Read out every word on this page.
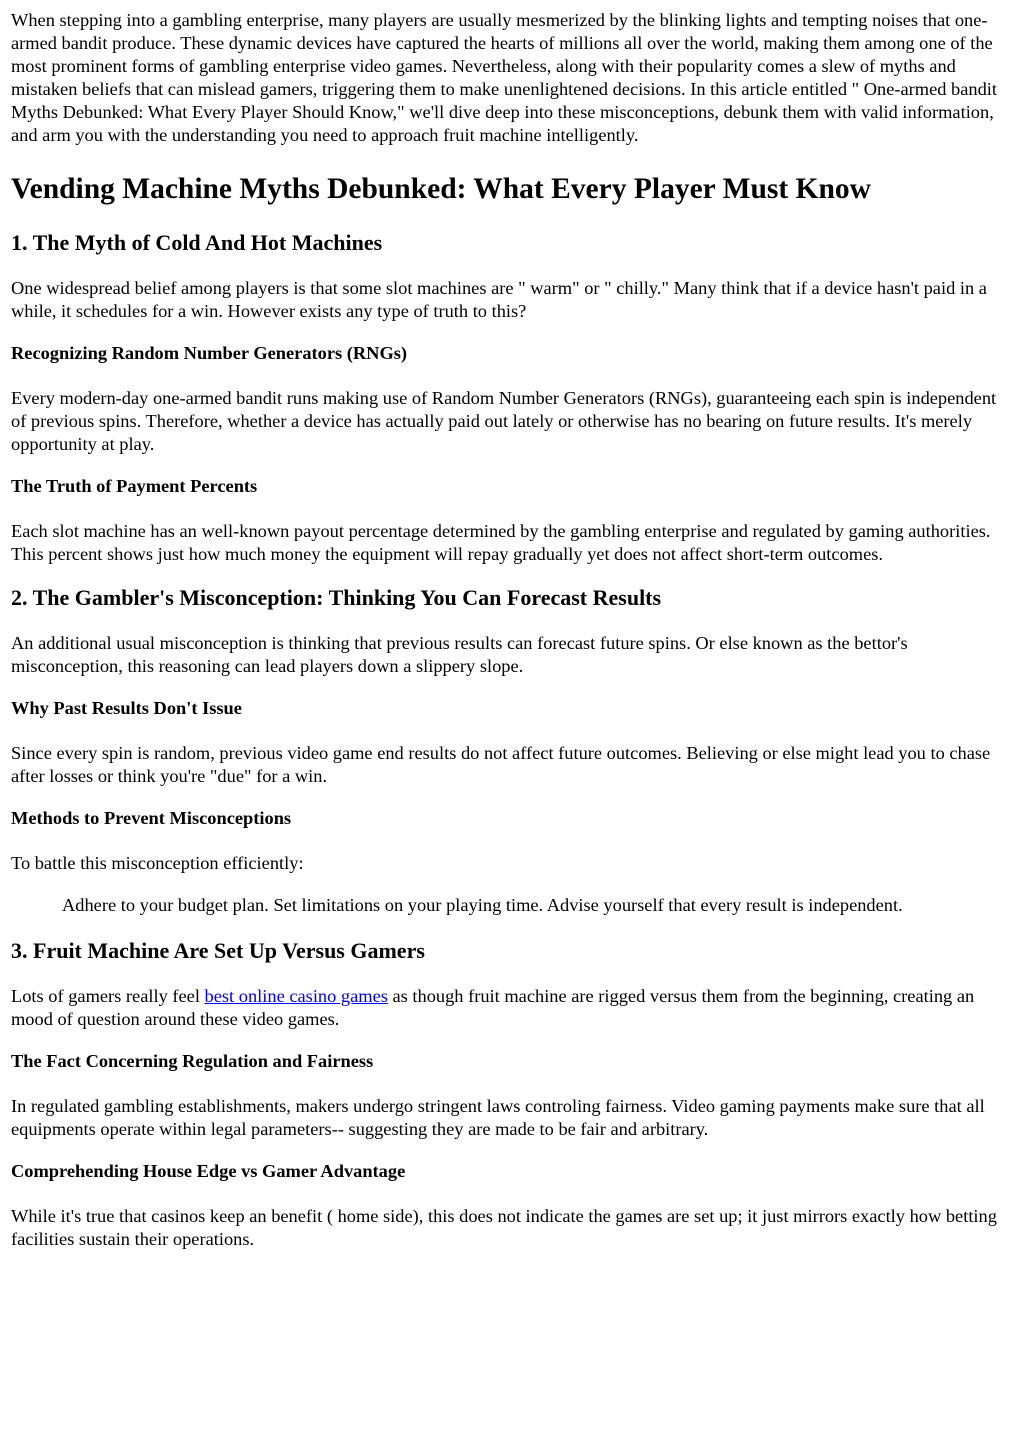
When stepping into a gambling enterprise, many players are usually mesmerized by the blinking lights and tempting noises that one-armed bandit produce. These dynamic devices have captured the hearts of millions all over the world, making them among one of the most prominent forms of gambling enterprise video games. Nevertheless, along with their popularity comes a slew of myths and mistaken beliefs that can mislead gamers, triggering them to make unenlightened decisions. In this article entitled " One-armed bandit Myths Debunked: What Every Player Should Know," we'll dive deep into these misconceptions, debunk them with valid information, and arm you with the understanding you need to approach fruit machine intelligently.

Vending Machine Myths Debunked: What Every Player Must Know
1. The Myth of Cold And Hot Machines

One widespread belief among players is that some slot machines are " warm" or " chilly." Many think that if a device hasn't paid in a while, it schedules for a win. However exists any type of truth to this?

Recognizing Random Number Generators (RNGs)

Every modern-day one-armed bandit runs making use of Random Number Generators (RNGs), guaranteeing each spin is independent of previous spins. Therefore, whether a device has actually paid out lately or otherwise has no bearing on future results. It's merely opportunity at play.

The Truth of Payment Percents

Each slot machine has an well-known payout percentage determined by the gambling enterprise and regulated by gaming authorities. This percent shows just how much money the equipment will repay gradually yet does not affect short-term outcomes.

2. The Gambler's Misconception: Thinking You Can Forecast Results

An additional usual misconception is thinking that previous results can forecast future spins. Or else known as the bettor's misconception, this reasoning can lead players down a slippery slope.

Why Past Results Don't Issue

Since every spin is random, previous video game end results do not affect future outcomes. Believing or else might lead you to chase after losses or think you're "due" for a win.

Methods to Prevent Misconceptions

To battle this misconception efficiently:

Adhere to your budget plan. Set limitations on your playing time. Advise yourself that every result is independent.
3. Fruit Machine Are Set Up Versus Gamers

Lots of gamers really feel best online casino games as though fruit machine are rigged versus them from the beginning, creating an mood of question around these video games.

The Fact Concerning Regulation and Fairness

In regulated gambling establishments, makers undergo stringent laws controling fairness. Video gaming payments make sure that all equipments operate within legal parameters-- suggesting they are made to be fair and arbitrary.

Comprehending House Edge vs Gamer Advantage

While it's true that casinos keep an benefit ( home side), this does not indicate the games are set up; it just mirrors exactly how betting facilities sustain their operations.
